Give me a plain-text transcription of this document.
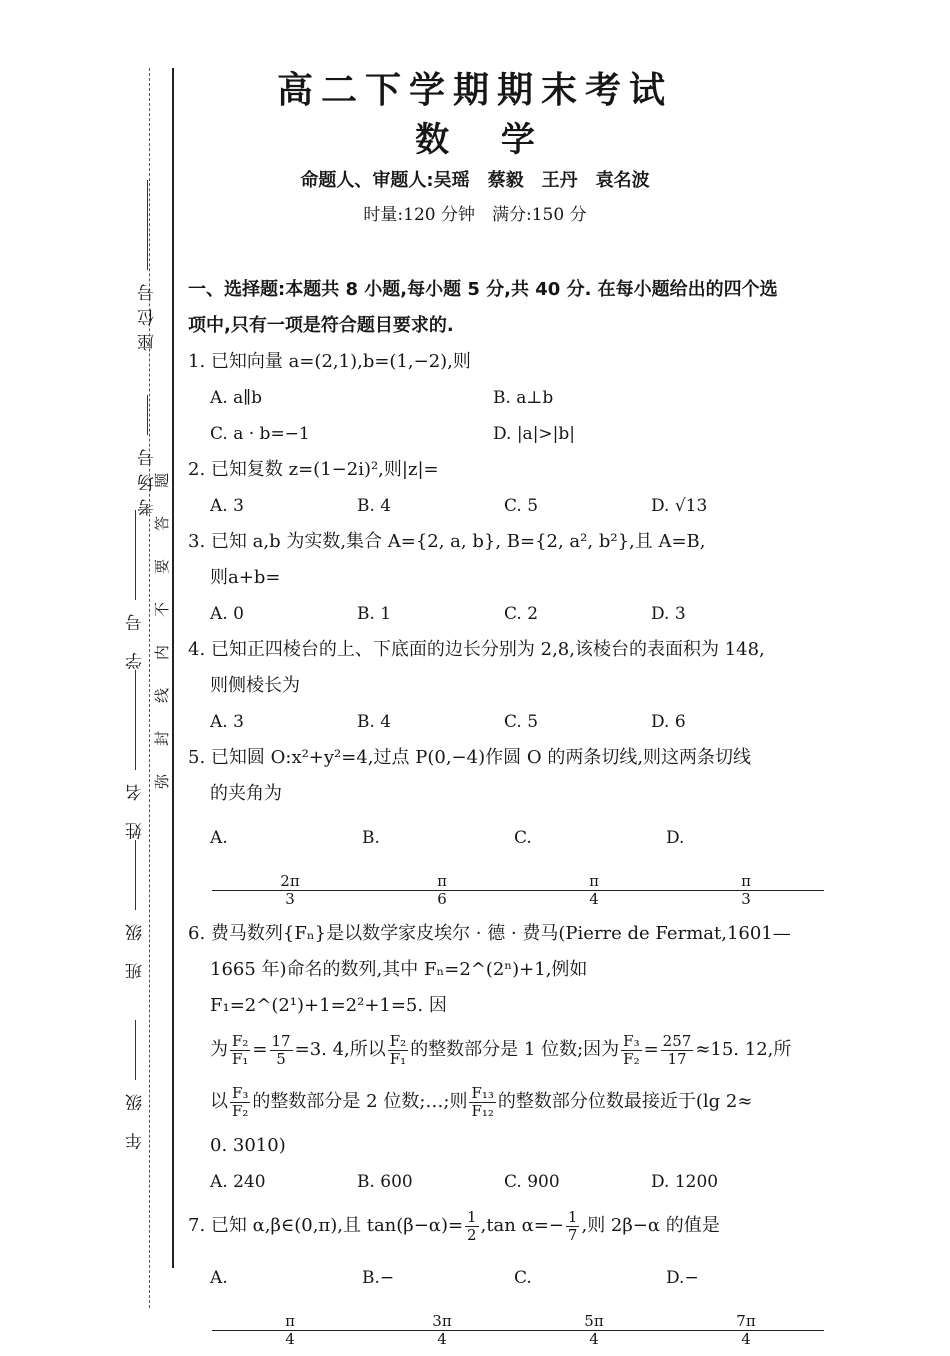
座位号
考场号
学 号
姓 名
班 级
年 级
题
答
要
不
内
线
封
弥
高二下学期期末考试
数 学
命题人、审题人:吴瑶　蔡毅　王丹　袁名波
时量:120 分钟　满分:150 分
一、选择题:本题共 8 小题,每小题 5 分,共 40 分. 在每小题给出的四个选
项中,只有一项是符合题目要求的.
1. 已知向量 a=(2,1),b=(1,−2),则
A. a∥b	B. a⊥b
C. a · b=−1	D. |a|>|b|
2. 已知复数 z=(1−2i)²,则|z|=
A. 3	B. 4	C. 5	D. √13
3. 已知 a,b 为实数,集合 A={2, a, b}, B={2, a², b²},且 A=B,
则a+b=
A. 0	B. 1	C. 2	D. 3
4. 已知正四棱台的上、下底面的边长分别为 2,8,该棱台的表面积为 148,
则侧棱长为
A. 3	B. 4	C. 5	D. 6
5. 已知圆 O:x²+y²=4,过点 P(0,−4)作圆 O 的两条切线,则这两条切线
的夹角为
A.
$\frac{2\pi}{3}$
B.
$\frac{\pi}{6}$
C.
$\frac{\pi}{4}$
D.
$\frac{\pi}{3}$
6. 费马数列{Fₙ}是以数学家皮埃尔 · 德 · 费马(Pierre de Fermat,1601—
1665 年)命名的数列,其中 Fₙ=2^(2ⁿ)+1,例如 F₁=2^(2¹)+1=2²+1=5. 因
为 $\frac{\text{F₂}}{\text{F₁}} = \frac{17}{5} =3$. 4,所以 $\frac{\text{F₂}}{\text{F₁}}$ 的整数部分是 1 位数;因为 $\frac{\text{F₃}}{\text{F₂}} = \frac{257}{17} \approx 15$. 12,所
以 $\frac{\text{F₃}}{\text{F₂}}$ 的整数部分是 2 位数;…;则 $\frac{\text{F₁₃}}{\text{F₁₂}}$ 的整数部分位数最接近于(lg 2≈
0. 3010)
A. 240	B. 600	C. 900	D. 1200
7. 已知 α,β∈(0,π),且 $\tan(\beta-\alpha)= \frac{1}{2} ,\tan$ $\alpha=- \frac{1}{7}$ ,则 2β−α 的值是
A.
$\frac{\pi}{4}$
B.−
$\frac{3\pi}{4}$
C.
$\frac{5\pi}{4}$
D.−
$\frac{7\pi}{4}$
